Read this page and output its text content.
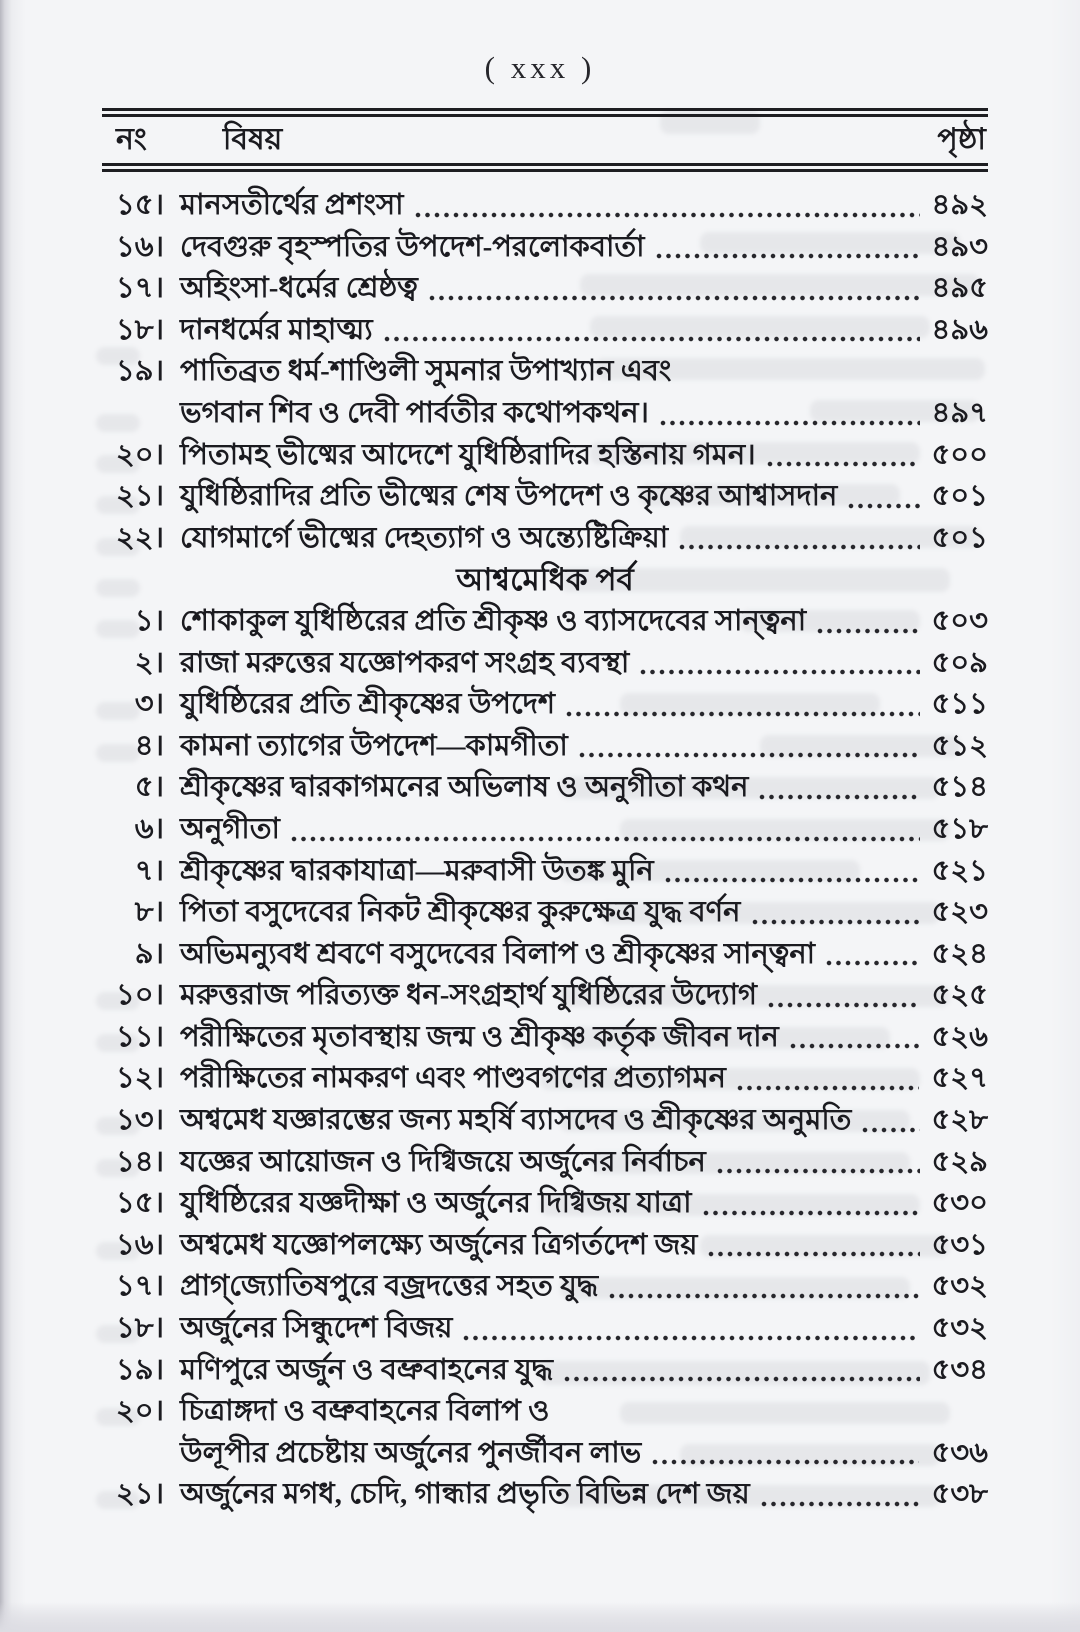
( xxx )
নং	বিষয়	পৃষ্ঠা
১৫। মানসতীর্থের প্রশংসা	৪৯২
১৬। দেবগুরু বৃহস্পতির উপদেশ-পরলোকবার্তা	৪৯৩
১৭। অহিংসা-ধর্মের শ্রেষ্ঠত্ব	৪৯৫
১৮। দানধর্মের মাহাত্ম্য	৪৯৬
১৯। পাতিব্রত ধর্ম-শাণ্ডিলী সুমনার উপাখ্যান এবং
ভগবান শিব ও দেবী পার্বতীর কথোপকথন।	৪৯৭
২০। পিতামহ ভীষ্মের আদেশে যুধিষ্ঠিরাদির হস্তিনায় গমন।	৫০০
২১। যুধিষ্ঠিরাদির প্রতি ভীষ্মের শেষ উপদেশ ও কৃষ্ণের আশ্বাসদান	৫০১
২২। যোগমার্গে ভীষ্মের দেহত্যাগ ও অন্ত্যেষ্টিক্রিয়া	৫০১
আশ্বমেধিক পর্ব
১। শোকাকুল যুধিষ্ঠিরের প্রতি শ্রীকৃষ্ণ ও ব্যাসদেবের সান্ত্বনা	৫০৩
২। রাজা মরুত্তের যজ্ঞোপকরণ সংগ্রহ ব্যবস্থা	৫০৯
৩। যুধিষ্ঠিরের প্রতি শ্রীকৃষ্ণের উপদেশ	৫১১
৪। কামনা ত্যাগের উপদেশ—কামগীতা	৫১২
৫। শ্রীকৃষ্ণের দ্বারকাগমনের অভিলাষ ও অনুগীতা কথন	৫১৪
৬। অনুগীতা	৫১৮
৭। শ্রীকৃষ্ণের দ্বারকাযাত্রা—মরুবাসী উতঙ্ক মুনি	৫২১
৮। পিতা বসুদেবের নিকট শ্রীকৃষ্ণের কুরুক্ষেত্র যুদ্ধ বর্ণন	৫২৩
৯। অভিমন্যুবধ শ্রবণে বসুদেবের বিলাপ ও শ্রীকৃষ্ণের সান্ত্বনা	৫২৪
১০। মরুত্তরাজ পরিত্যক্ত ধন-সংগ্রহার্থ যুধিষ্ঠিরের উদ্যোগ	৫২৫
১১। পরীক্ষিতের মৃতাবস্থায় জন্ম ও শ্রীকৃষ্ণ কর্তৃক জীবন দান	৫২৬
১২। পরীক্ষিতের নামকরণ এবং পাণ্ডবগণের প্রত্যাগমন	৫২৭
১৩। অশ্বমেধ যজ্ঞারম্ভের জন্য মহর্ষি ব্যাসদেব ও শ্রীকৃষ্ণের অনুমতি	৫২৮
১৪। যজ্ঞের আয়োজন ও দিগ্বিজয়ে অর্জুনের নির্বাচন	৫২৯
১৫। যুধিষ্ঠিরের যজ্ঞদীক্ষা ও অর্জুনের দিগ্বিজয় যাত্রা	৫৩০
১৬। অশ্বমেধ যজ্ঞোপলক্ষ্যে অর্জুনের ত্রিগর্তদেশ জয়	৫৩১
১৭। প্রাগ্‌জ্যোতিষপুরে বজ্রদত্তের সহত যুদ্ধ	৫৩২
১৮। অর্জুনের সিন্ধুদেশ বিজয়	৫৩২
১৯। মণিপুরে অর্জুন ও বভ্রুবাহনের যুদ্ধ	৫৩৪
২০। চিত্রাঙ্গদা ও বভ্রুবাহনের বিলাপ ও
উলূপীর প্রচেষ্টায় অর্জুনের পুনর্জীবন লাভ	৫৩৬
২১। অর্জুনের মগধ, চেদি, গান্ধার প্রভৃতি বিভিন্ন দেশ জয়	৫৩৮
